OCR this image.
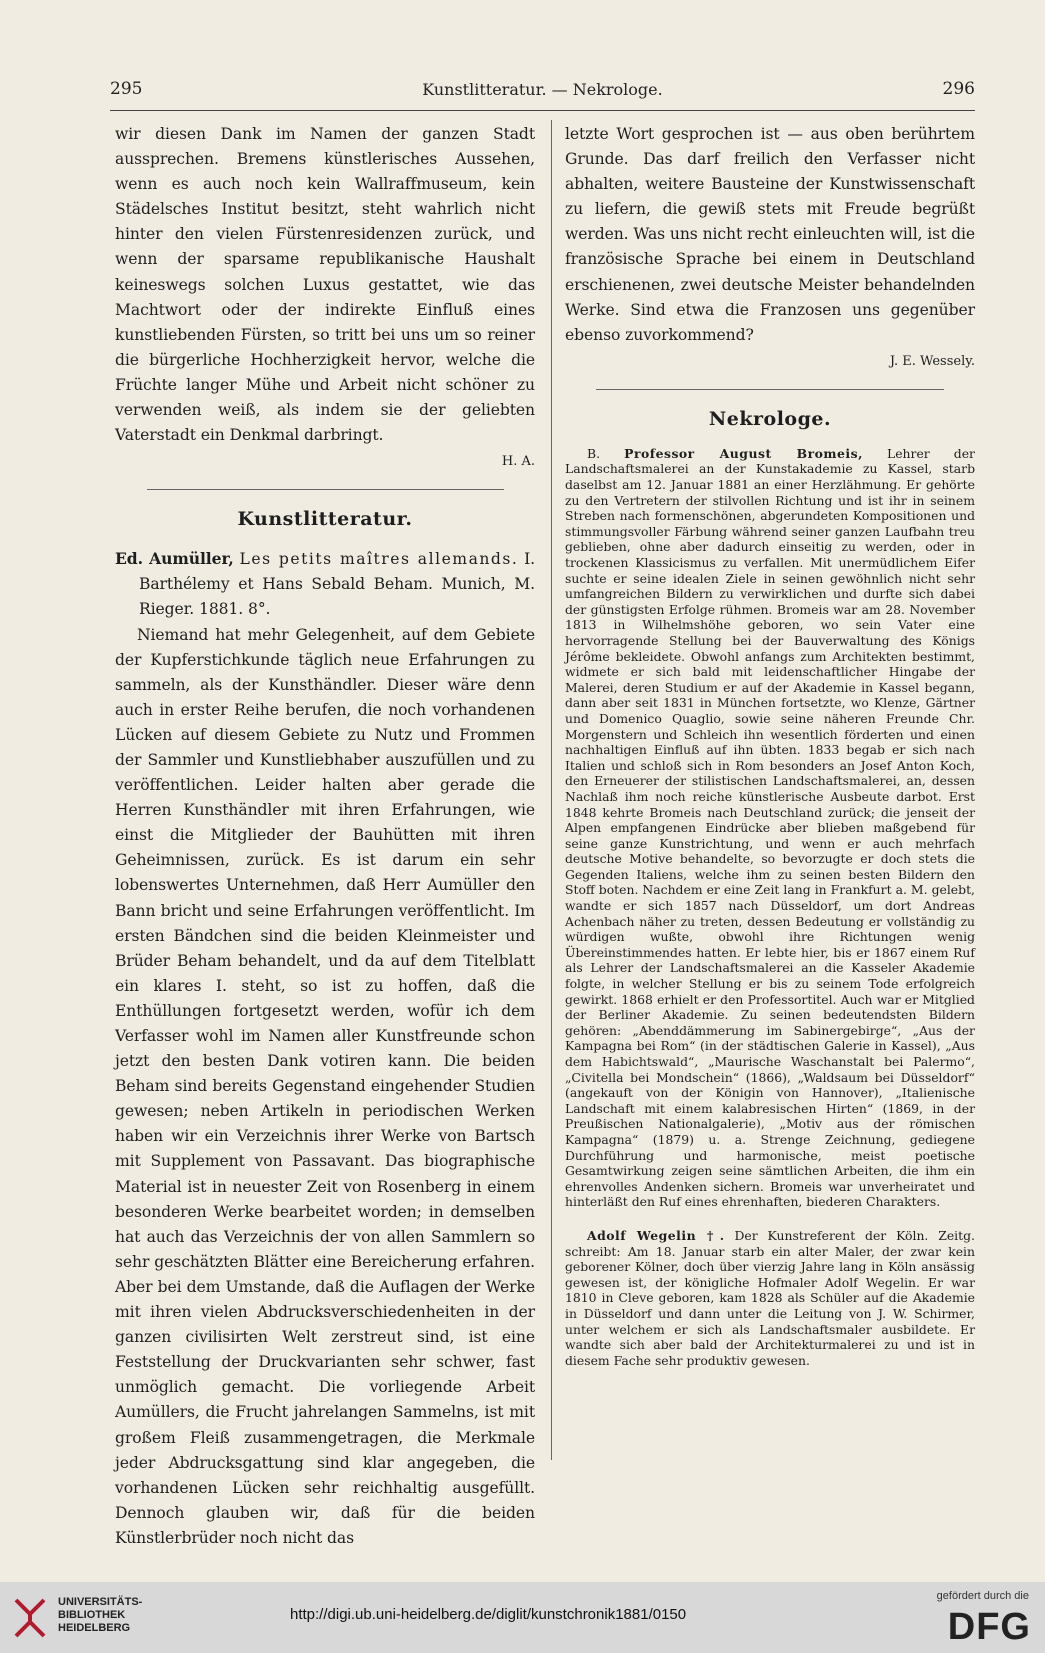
295	Kunstlitteratur. — Nekrologe.	296

wir diesen Dank im Namen der ganzen Stadt aussprechen. Bremens künstlerisches Aussehen, wenn es auch noch kein Wallraffmuseum, kein Städelsches Institut besitzt, steht wahrlich nicht hinter den vielen Fürstenresidenzen zurück, und wenn der sparsame republikanische Haushalt keineswegs solchen Luxus gestattet, wie das Machtwort oder der indirekte Einfluß eines kunstliebenden Fürsten, so tritt bei uns um so reiner die bürgerliche Hochherzigkeit hervor, welche die Früchte langer Mühe und Arbeit nicht schöner zu verwenden weiß, als indem sie der geliebten Vaterstadt ein Denkmal darbringt.

H. A.

Kunstlitteratur.

Ed. Aumüller, Les petits maîtres allemands. I. Barthélemy et Hans Sebald Beham. Munich, M. Rieger. 1881. 8°.

Niemand hat mehr Gelegenheit, auf dem Gebiete der Kupferstichkunde täglich neue Erfahrungen zu sammeln, als der Kunsthändler. Dieser wäre denn auch in erster Reihe berufen, die noch vorhandenen Lücken auf diesem Gebiete zu Nutz und Frommen der Sammler und Kunstliebhaber auszufüllen und zu veröffentlichen. Leider halten aber gerade die Herren Kunsthändler mit ihren Erfahrungen, wie einst die Mitglieder der Bauhütten mit ihren Geheimnissen, zurück. Es ist darum ein sehr lobenswertes Unternehmen, daß Herr Aumüller den Bann bricht und seine Erfahrungen veröffentlicht. Im ersten Bändchen sind die beiden Kleinmeister und Brüder Beham behandelt, und da auf dem Titelblatt ein klares I. steht, so ist zu hoffen, daß die Enthüllungen fortgesetzt werden, wofür ich dem Verfasser wohl im Namen aller Kunstfreunde schon jetzt den besten Dank votiren kann. Die beiden Beham sind bereits Gegenstand eingehender Studien gewesen; neben Artikeln in periodischen Werken haben wir ein Verzeichnis ihrer Werke von Bartsch mit Supplement von Passavant. Das biographische Material ist in neuester Zeit von Rosenberg in einem besonderen Werke bearbeitet worden; in demselben hat auch das Verzeichnis der von allen Sammlern so sehr geschätzten Blätter eine Bereicherung erfahren. Aber bei dem Umstande, daß die Auflagen der Werke mit ihren vielen Abdrucksverschiedenheiten in der ganzen civilisirten Welt zerstreut sind, ist eine Feststellung der Druckvarianten sehr schwer, fast unmöglich gemacht. Die vorliegende Arbeit Aumüllers, die Frucht jahrelangen Sammelns, ist mit großem Fleiß zusammengetragen, die Merkmale jeder Abdrucksgattung sind klar angegeben, die vorhandenen Lücken sehr reichhaltig ausgefüllt. Dennoch glauben wir, daß für die beiden Künstlerbrüder noch nicht das

letzte Wort gesprochen ist — aus oben berührtem Grunde. Das darf freilich den Verfasser nicht abhalten, weitere Bausteine der Kunstwissenschaft zu liefern, die gewiß stets mit Freude begrüßt werden. Was uns nicht recht einleuchten will, ist die französische Sprache bei einem in Deutschland erschienenen, zwei deutsche Meister behandelnden Werke. Sind etwa die Franzosen uns gegenüber ebenso zuvorkommend?

J. E. Wessely.

Nekrologe.

B. Professor August Bromeis, Lehrer der Landschaftsmalerei an der Kunstakademie zu Kassel, starb daselbst am 12. Januar 1881 an einer Herzlähmung. Er gehörte zu den Vertretern der stilvollen Richtung und ist ihr in seinem Streben nach formenschönen, abgerundeten Kompositionen und stimmungsvoller Färbung während seiner ganzen Laufbahn treu geblieben, ohne aber dadurch einseitig zu werden, oder in trockenen Klassicismus zu verfallen. Mit unermüdlichem Eifer suchte er seine idealen Ziele in seinen gewöhnlich nicht sehr umfangreichen Bildern zu verwirklichen und durfte sich dabei der günstigsten Erfolge rühmen. Bromeis war am 28. November 1813 in Wilhelmshöhe geboren, wo sein Vater eine hervorragende Stellung bei der Bauverwaltung des Königs Jérôme bekleidete. Obwohl anfangs zum Architekten bestimmt, widmete er sich bald mit leidenschaftlicher Hingabe der Malerei, deren Studium er auf der Akademie in Kassel begann, dann aber seit 1831 in München fortsetzte, wo Klenze, Gärtner und Domenico Quaglio, sowie seine näheren Freunde Chr. Morgenstern und Schleich ihn wesentlich förderten und einen nachhaltigen Einfluß auf ihn übten. 1833 begab er sich nach Italien und schloß sich in Rom besonders an Josef Anton Koch, den Erneuerer der stilistischen Landschaftsmalerei, an, dessen Nachlaß ihm noch reiche künstlerische Ausbeute darbot. Erst 1848 kehrte Bromeis nach Deutschland zurück; die jenseit der Alpen empfangenen Eindrücke aber blieben maßgebend für seine ganze Kunstrichtung, und wenn er auch mehrfach deutsche Motive behandelte, so bevorzugte er doch stets die Gegenden Italiens, welche ihm zu seinen besten Bildern den Stoff boten. Nachdem er eine Zeit lang in Frankfurt a. M. gelebt, wandte er sich 1857 nach Düsseldorf, um dort Andreas Achenbach näher zu treten, dessen Bedeutung er vollständig zu würdigen wußte, obwohl ihre Richtungen wenig Übereinstimmendes hatten. Er lebte hier, bis er 1867 einem Ruf als Lehrer der Landschaftsmalerei an die Kasseler Akademie folgte, in welcher Stellung er bis zu seinem Tode erfolgreich gewirkt. 1868 erhielt er den Professortitel. Auch war er Mitglied der Berliner Akademie. Zu seinen bedeutendsten Bildern gehören: „Abenddämmerung im Sabinergebirge“, „Aus der Kampagna bei Rom“ (in der städtischen Galerie in Kassel), „Aus dem Habichtswald“, „Maurische Waschanstalt bei Palermo“, „Civitella bei Mondschein“ (1866), „Waldsaum bei Düsseldorf“ (angekauft von der Königin von Hannover), „Italienische Landschaft mit einem kalabresischen Hirten“ (1869, in der Preußischen Nationalgalerie), „Motiv aus der römischen Kampagna“ (1879) u. a. Strenge Zeichnung, gediegene Durchführung und harmonische, meist poetische Gesamtwirkung zeigen seine sämtlichen Arbeiten, die ihm ein ehrenvolles Andenken sichern. Bromeis war unverheiratet und hinterläßt den Ruf eines ehrenhaften, biederen Charakters.

Adolf Wegelin †. Der Kunstreferent der Köln. Zeitg. schreibt: Am 18. Januar starb ein alter Maler, der zwar kein geborener Kölner, doch über vierzig Jahre lang in Köln ansässig gewesen ist, der königliche Hofmaler Adolf Wegelin. Er war 1810 in Cleve geboren, kam 1828 als Schüler auf die Akademie in Düsseldorf und dann unter die Leitung von J. W. Schirmer, unter welchem er sich als Landschaftsmaler ausbildete. Er wandte sich aber bald der Architekturmalerei zu und ist in diesem Fache sehr produktiv gewesen.

UNIVERSITÄTS-
BIBLIOTHEK
HEIDELBERG
http://digi.ub.uni-heidelberg.de/diglit/kunstchronik1881/0150
gefördert durch die
DFG
